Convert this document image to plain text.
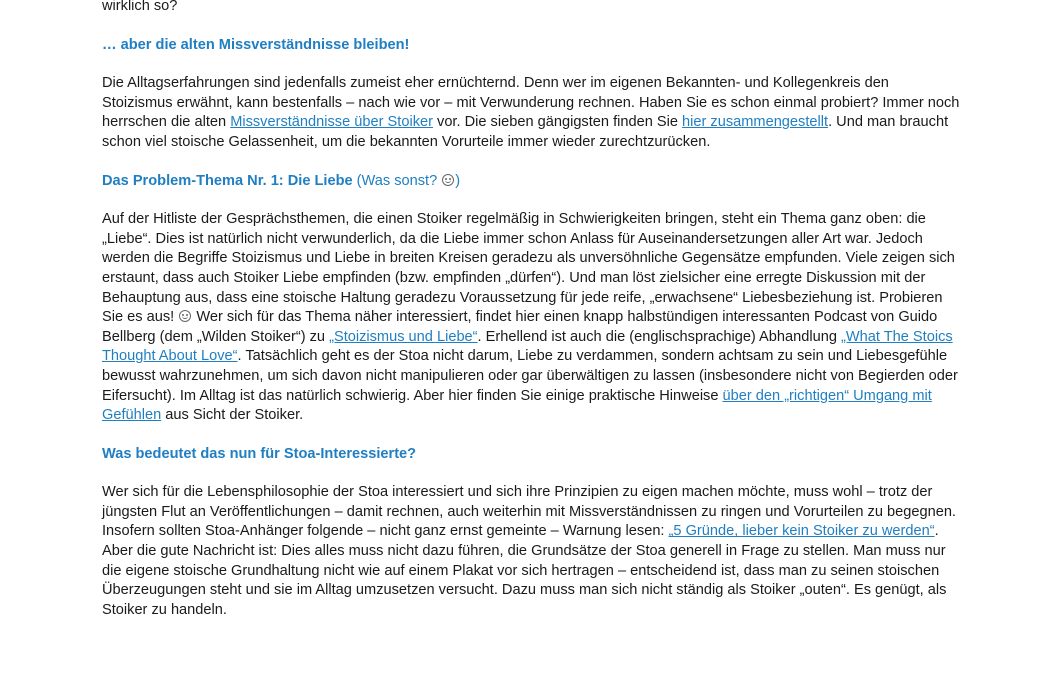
wirklich so?

… aber die alten Missverständnisse bleiben!

Die Alltagserfahrungen sind jedenfalls zumeist eher ernüchternd. Denn wer im eigenen Bekannten- und Kollegenkreis den Stoizismus erwähnt, kann bestenfalls – nach wie vor – mit Verwunderung rechnen. Haben Sie es schon einmal probiert? Immer noch herrschen die alten Missverständnisse über Stoiker vor. Die sieben gängigsten finden Sie hier zusammengestellt. Und man braucht schon viel stoische Gelassenheit, um die bekannten Vorurteile immer wieder zurechtzurücken.

Das Problem-Thema Nr. 1: Die Liebe (Was sonst? )

Auf der Hitliste der Gesprächsthemen, die einen Stoiker regelmäßig in Schwierigkeiten bringen, steht ein Thema ganz oben: die „Liebe“. Dies ist natürlich nicht verwunderlich, da die Liebe immer schon Anlass für Auseinandersetzungen aller Art war. Jedoch werden die Begriffe Stoizismus und Liebe in breiten Kreisen geradezu als unversöhnliche Gegensätze empfunden. Viele zeigen sich erstaunt, dass auch Stoiker Liebe empfinden (bzw. empfinden „dürfen“). Und man löst zielsicher eine erregte Diskussion mit der Behauptung aus, dass eine stoische Haltung geradezu Voraussetzung für jede reife, „erwachsene“ Liebesbeziehung ist. Probieren Sie es aus!  Wer sich für das Thema näher interessiert, findet hier einen knapp halbstündigen interessanten Podcast von Guido Bellberg (dem „Wilden Stoiker“) zu „Stoizismus und Liebe“. Erhellend ist auch die (englischsprachige) Abhandlung „What The Stoics Thought About Love“. Tatsächlich geht es der Stoa nicht darum, Liebe zu verdammen, sondern achtsam zu sein und Liebesgefühle bewusst wahrzunehmen, um sich davon nicht manipulieren oder gar überwältigen zu lassen (insbesondere nicht von Begierden oder Eifersucht). Im Alltag ist das natürlich schwierig. Aber hier finden Sie einige praktische Hinweise über den „richtigen“ Umgang mit Gefühlen aus Sicht der Stoiker.

Was bedeutet das nun für Stoa-Interessierte?

Wer sich für die Lebensphilosophie der Stoa interessiert und sich ihre Prinzipien zu eigen machen möchte, muss wohl – trotz der jüngsten Flut an Veröffentlichungen – damit rechnen, auch weiterhin mit Missverständnissen zu ringen und Vorurteilen zu begegnen. Insofern sollten Stoa-Anhänger folgende – nicht ganz ernst gemeinte – Warnung lesen: „5 Gründe, lieber kein Stoiker zu werden“. Aber die gute Nachricht ist: Dies alles muss nicht dazu führen, die Grundsätze der Stoa generell in Frage zu stellen. Man muss nur die eigene stoische Grundhaltung nicht wie auf einem Plakat vor sich hertragen – entscheidend ist, dass man zu seinen stoischen Überzeugungen steht und sie im Alltag umzusetzen versucht. Dazu muss man sich nicht ständig als Stoiker „outen“. Es genügt, als Stoiker zu handeln.
